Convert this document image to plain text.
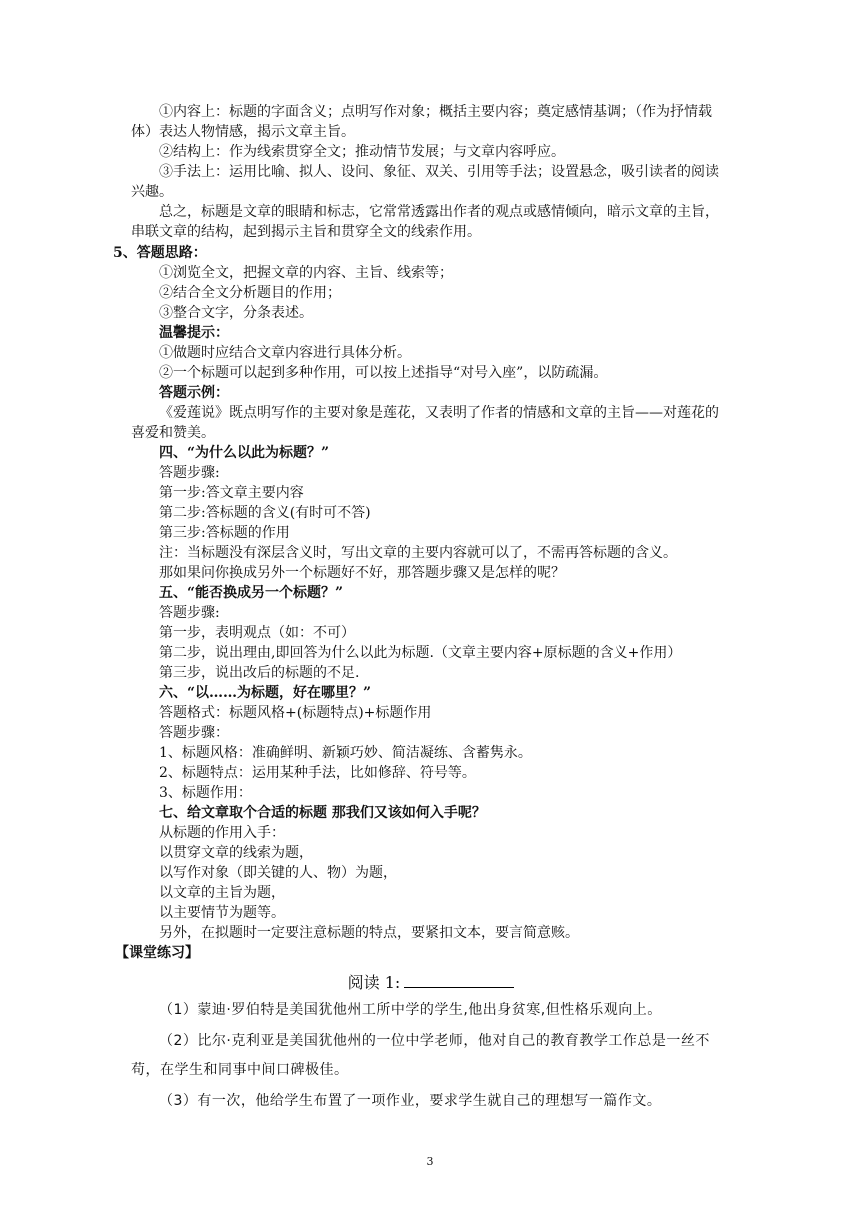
①内容上：标题的字面含义；点明写作对象；概括主要内容；奠定感情基调；（作为抒情载体）表达人物情感，揭示文章主旨。

②结构上：作为线索贯穿全文；推动情节发展；与文章内容呼应。

③手法上：运用比喻、拟人、设问、象征、双关、引用等手法；设置悬念，吸引读者的阅读兴趣。

总之，标题是文章的眼睛和标志，它常常透露出作者的观点或感情倾向，暗示文章的主旨，串联文章的结构，起到揭示主旨和贯穿全文的线索作用。

5、答题思路：

①浏览全文，把握文章的内容、主旨、线索等；

②结合全文分析题目的作用；

③整合文字，分条表述。

温馨提示：

①做题时应结合文章内容进行具体分析。

②一个标题可以起到多种作用，可以按上述指导“对号入座”，以防疏漏。

答题示例：

《爱莲说》既点明写作的主要对象是莲花，又表明了作者的情感和文章的主旨——对莲花的喜爱和赞美。

四、“为什么以此为标题？”

答题步骤:

第一步:答文章主要内容

第二步:答标题的含义(有时可不答)

第三步:答标题的作用

注：当标题没有深层含义时，写出文章的主要内容就可以了，不需再答标题的含义。

那如果问你换成另外一个标题好不好，那答题步骤又是怎样的呢？

五、“能否换成另一个标题？”

答题步骤:

第一步，表明观点（如：不可）

第二步，说出理由,即回答为什么以此为标题.（文章主要内容+原标题的含义+作用）

第三步，说出改后的标题的不足.

六、“以……为标题，好在哪里？”

答题格式：标题风格+(标题特点)+标题作用

答题步骤：

1、标题风格：准确鲜明、新颖巧妙、简洁凝练、含蓄隽永。

2、标题特点：运用某种手法，比如修辞、符号等。

3、标题作用：

七、给文章取个合适的标题 那我们又该如何入手呢？

从标题的作用入手：

以贯穿文章的线索为题，

以写作对象（即关键的人、物）为题，

以文章的主旨为题，

以主要情节为题等。

另外，在拟题时一定要注意标题的特点，要紧扣文本，要言简意赅。

【课堂练习】

阅读 1:

（1）蒙迪·罗伯特是美国犹他州工所中学的学生,他出身贫寒,但性格乐观向上。

（2）比尔·克利亚是美国犹他州的一位中学老师，他对自己的教育教学工作总是一丝不苟，在学生和同事中间口碑极佳。

（3）有一次，他给学生布置了一项作业，要求学生就自己的理想写一篇作文。

3
